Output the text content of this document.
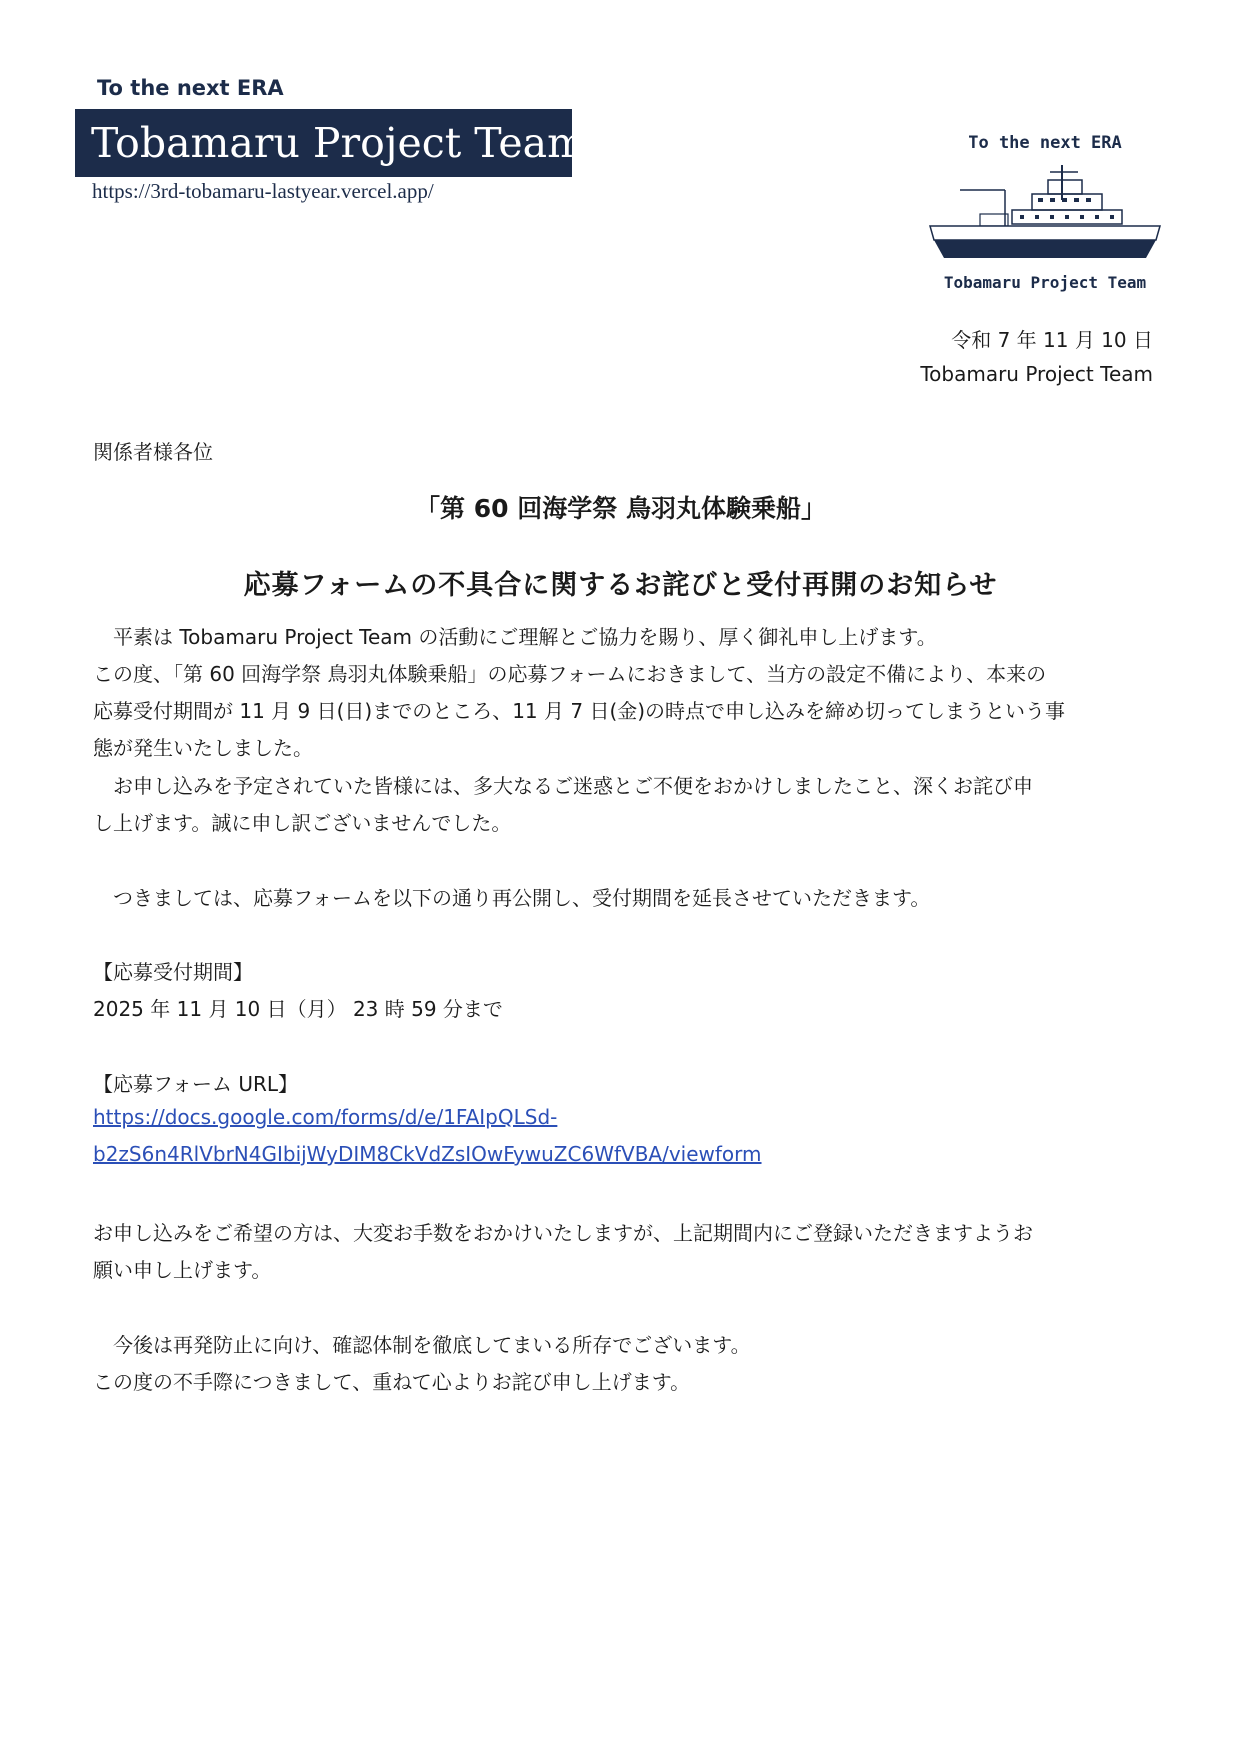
To the next ERA
Tobamaru Project Team
https://3rd-tobamaru-lastyear.vercel.app/
To the next ERA
Tobamaru Project Team
令和 7 年 11 月 10 日
Tobamaru Project Team
関係者様各位
「第 60 回海学祭 鳥羽丸体験乗船」
応募フォームの不具合に関するお詫びと受付再開のお知らせ
　平素は Tobamaru Project Team の活動にご理解とご協力を賜り、厚く御礼申し上げます。
この度、「第 60 回海学祭 鳥羽丸体験乗船」の応募フォームにおきまして、当方の設定不備により、本来の
応募受付期間が 11 月 9 日(日)までのところ、11 月 7 日(金)の時点で申し込みを締め切ってしまうという事
態が発生いたしました。
　お申し込みを予定されていた皆様には、多大なるご迷惑とご不便をおかけしましたこと、深くお詫び申
し上げます。誠に申し訳ございませんでした。
　つきましては、応募フォームを以下の通り再公開し、受付期間を延長させていただきます。
【応募受付期間】
2025 年 11 月 10 日（月） 23 時 59 分まで
【応募フォーム URL】
https://docs.google.com/forms/d/e/1FAIpQLSd-
b2zS6n4RlVbrN4GIbijWyDIM8CkVdZsIOwFywuZC6WfVBA/viewform
お申し込みをご希望の方は、大変お手数をおかけいたしますが、上記期間内にご登録いただきますようお
願い申し上げます。
　今後は再発防止に向け、確認体制を徹底してまいる所存でございます。
この度の不手際につきまして、重ねて心よりお詫び申し上げます。
